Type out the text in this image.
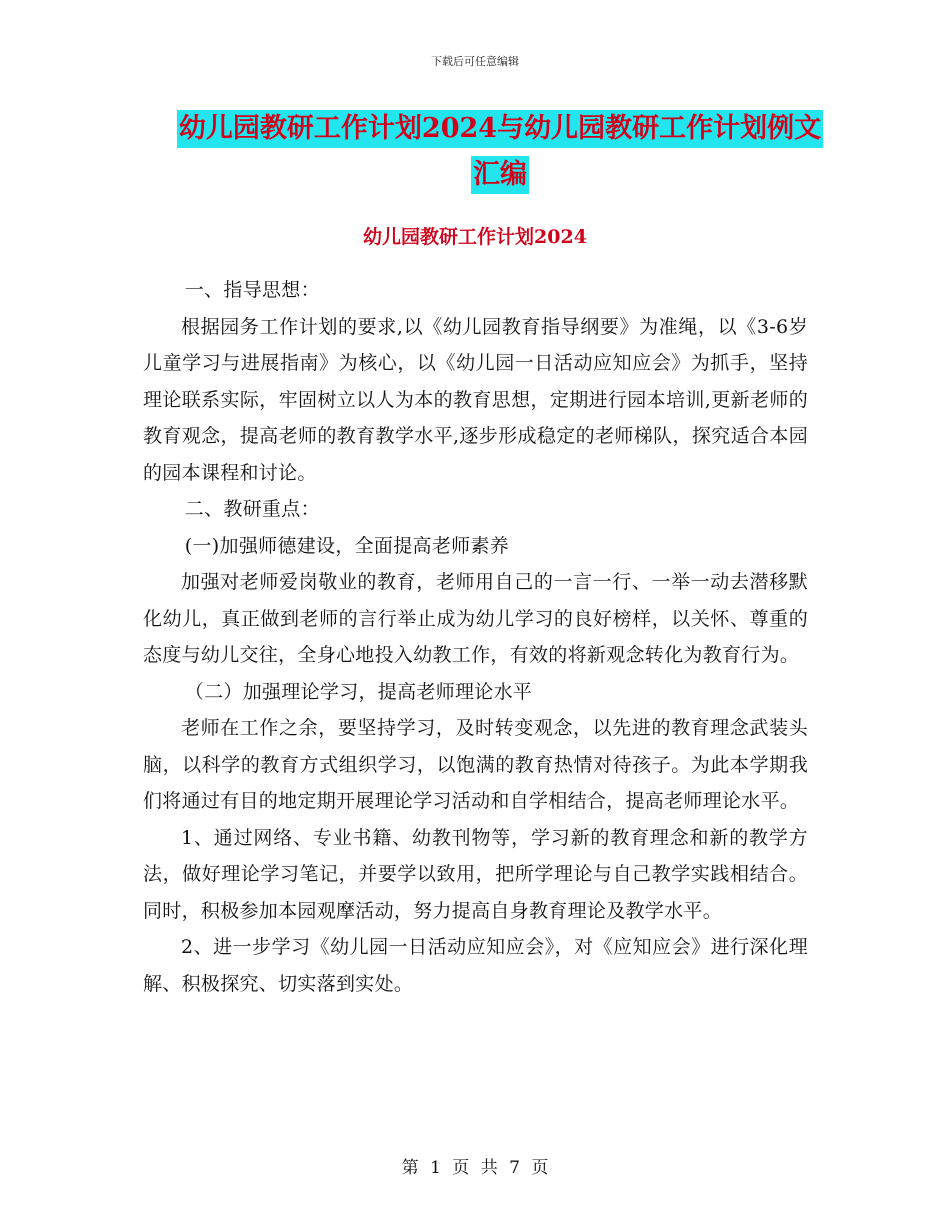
下载后可任意编辑
幼儿园教研工作计划2024与幼儿园教研工作计划例文
汇编
幼儿园教研工作计划2024

一、指导思想：

根据园务工作计划的要求,以《幼儿园教育指导纲要》为准绳，以《3-6岁儿童学习与进展指南》为核心，以《幼儿园一日活动应知应会》为抓手，坚持理论联系实际，牢固树立以人为本的教育思想，定期进行园本培训,更新老师的教育观念，提高老师的教育教学水平,逐步形成稳定的老师梯队，探究适合本园的园本课程和讨论。

二、教研重点：

(一)加强师德建设，全面提高老师素养

加强对老师爱岗敬业的教育，老师用自己的一言一行、一举一动去潜移默化幼儿，真正做到老师的言行举止成为幼儿学习的良好榜样，以关怀、尊重的态度与幼儿交往，全身心地投入幼教工作，有效的将新观念转化为教育行为。

（二）加强理论学习，提高老师理论水平

老师在工作之余，要坚持学习，及时转变观念，以先进的教育理念武装头脑，以科学的教育方式组织学习，以饱满的教育热情对待孩子。为此本学期我们将通过有目的地定期开展理论学习活动和自学相结合，提高老师理论水平。

1、通过网络、专业书籍、幼教刊物等，学习新的教育理念和新的教学方法，做好理论学习笔记，并要学以致用，把所学理论与自己教学实践相结合。同时，积极参加本园观摩活动，努力提高自身教育理论及教学水平。

2、进一步学习《幼儿园一日活动应知应会》，对《应知应会》进行深化理解、积极探究、切实落到实处。

第 1 页 共 7 页
